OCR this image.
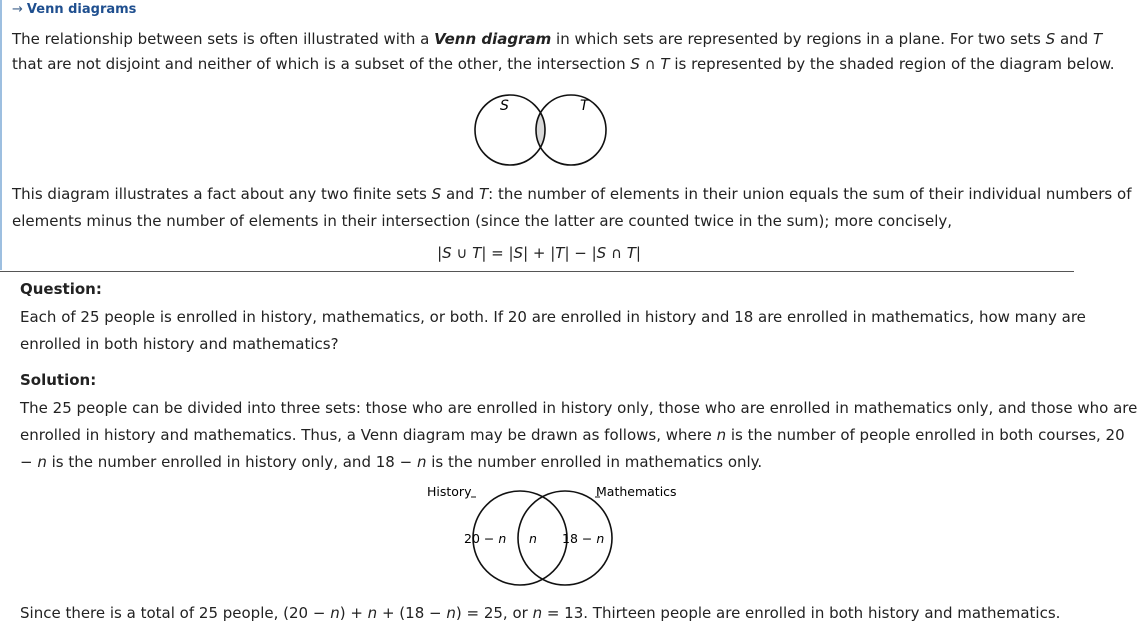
→ Venn diagrams
The relationship between sets is often illustrated with a Venn diagram in which sets are represented by regions in a plane. For two sets S and T
that are not disjoint and neither of which is a subset of the other, the intersection S ∩ T is represented by the shaded region of the diagram below.
S	T
This diagram illustrates a fact about any two finite sets S and T: the number of elements in their union equals the sum of their individual numbers of
elements minus the number of elements in their intersection (since the latter are counted twice in the sum); more concisely,
|S ∪ T| = |S| + |T| − |S ∩ T|
Question:
Each of 25 people is enrolled in history, mathematics, or both. If 20 are enrolled in history and 18 are enrolled in mathematics, how many are
enrolled in both history and mathematics?
Solution:
The 25 people can be divided into three sets: those who are enrolled in history only, those who are enrolled in mathematics only, and those who are
enrolled in history and mathematics. Thus, a Venn diagram may be drawn as follows, where n is the number of people enrolled in both courses, 20
− n is the number enrolled in history only, and 18 − n is the number enrolled in mathematics only.
History	Mathematics
20 − n n 18 − n
Since there is a total of 25 people, (20 − n) + n + (18 − n) = 25, or n = 13. Thirteen people are enrolled in both history and mathematics.
